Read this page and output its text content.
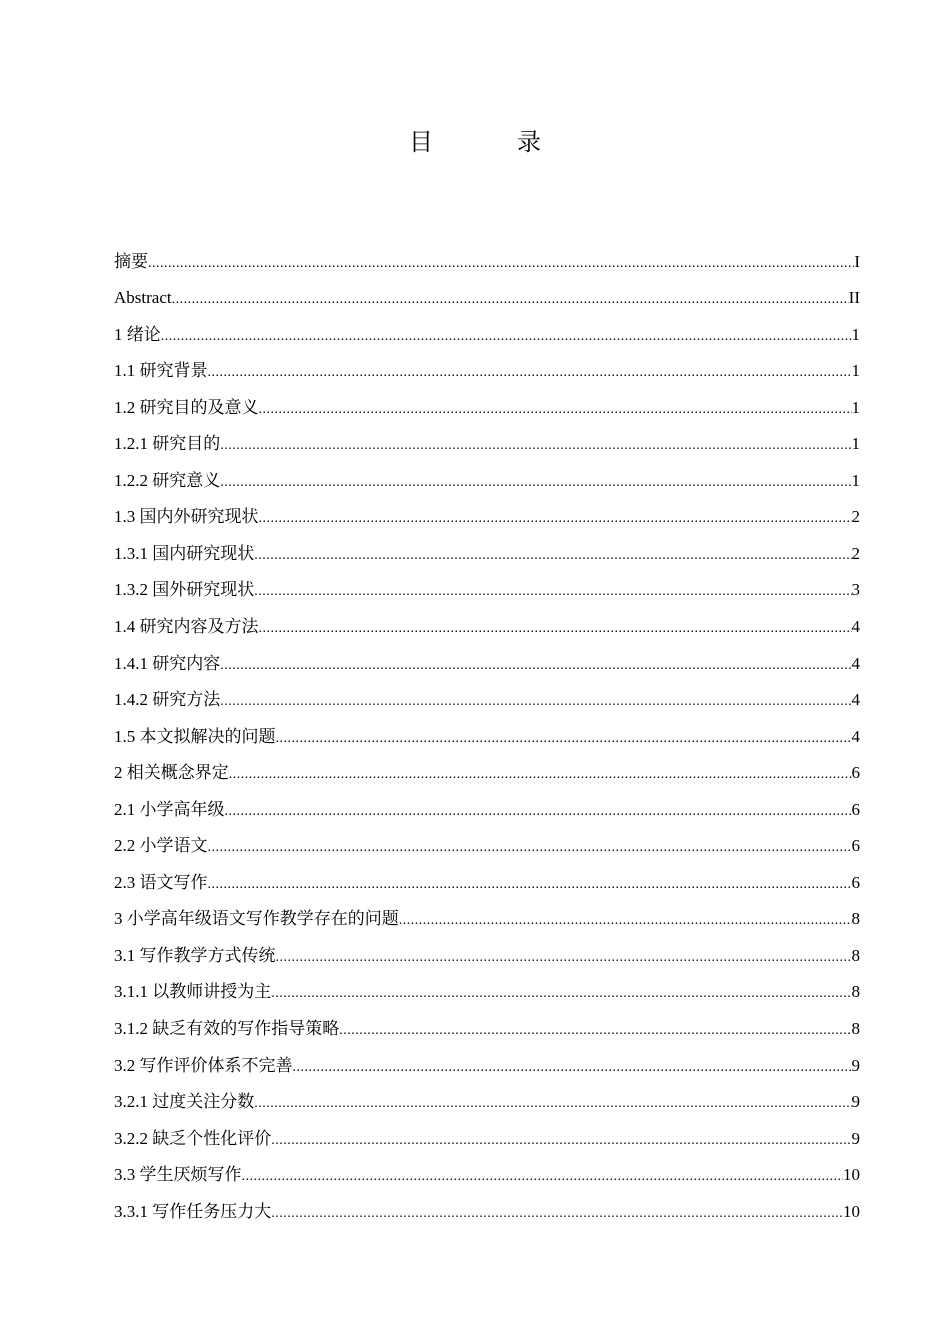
目　录
摘要 .....	I
Abstract .....	II
1 绪论 .....	1
1.1 研究背景 .....	1
1.2 研究目的及意义 .....	1
1.2.1 研究目的 .....	1
1.2.2 研究意义 .....	1
1.3 国内外研究现状 .....	2
1.3.1 国内研究现状 .....	2
1.3.2 国外研究现状 .....	3
1.4 研究内容及方法 .....	4
1.4.1 研究内容 .....	4
1.4.2 研究方法 .....	4
1.5 本文拟解决的问题 .....	4
2 相关概念界定 .....	6
2.1 小学高年级 .....	6
2.2 小学语文 .....	6
2.3 语文写作 .....	6
3 小学高年级语文写作教学存在的问题 .....	8
3.1 写作教学方式传统 .....	8
3.1.1 以教师讲授为主 .....	8
3.1.2 缺乏有效的写作指导策略 .....	8
3.2 写作评价体系不完善 .....	9
3.2.1 过度关注分数 .....	9
3.2.2 缺乏个性化评价 .....	9
3.3 学生厌烦写作 .....	10
3.3.1 写作任务压力大 .....	10
